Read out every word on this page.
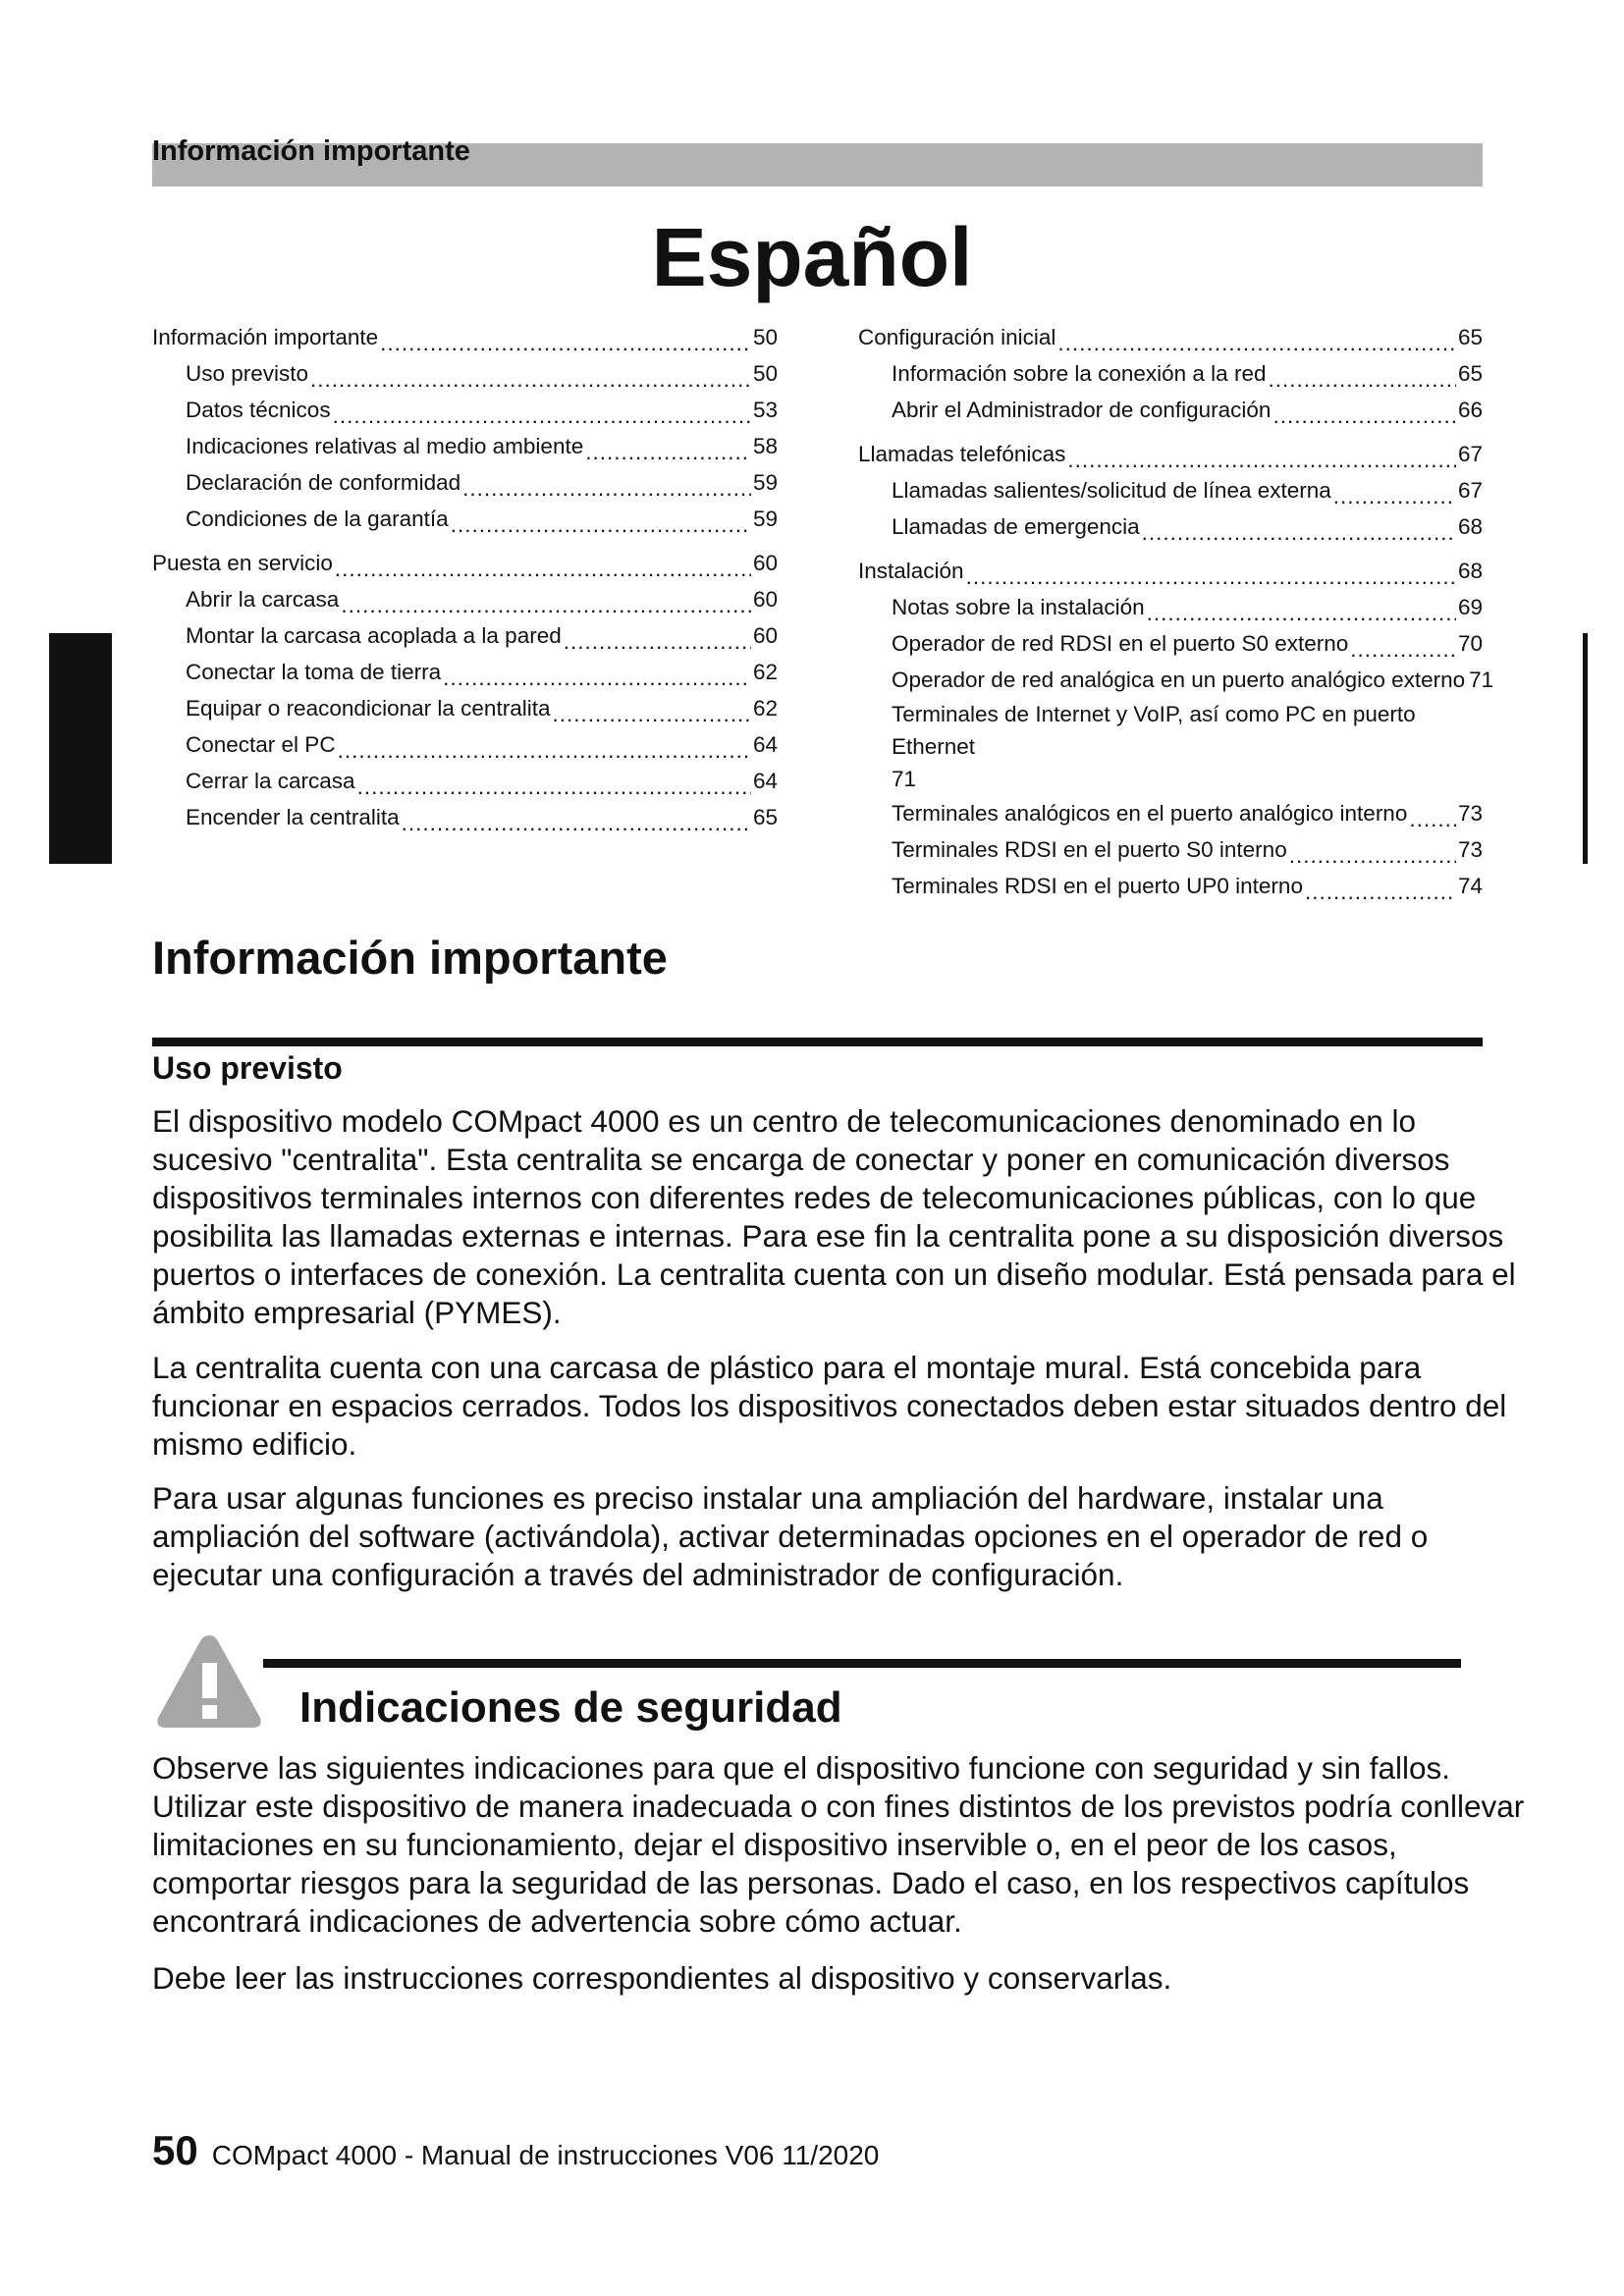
Información importante
Español
Información importante .....	50
Uso previsto .....	50
Datos técnicos .....	53
Indicaciones relativas al medio ambiente .....	58
Declaración de conformidad .....	59
Condiciones de la garantía .....	59
Puesta en servicio .....	60
Abrir la carcasa .....	60
Montar la carcasa acoplada a la pared .....	60
Conectar la toma de tierra .....	62
Equipar o reacondicionar la centralita .....	62
Conectar el PC .....	64
Cerrar la carcasa .....	64
Encender la centralita .....	65
Configuración inicial .....	65
Información sobre la conexión a la red .....	65
Abrir el Administrador de configuración .....	66
Llamadas telefónicas .....	67
Llamadas salientes/solicitud de línea externa .....	67
Llamadas de emergencia .....	68
Instalación .....	68
Notas sobre la instalación .....	69
Operador de red RDSI en el puerto S0 externo .....	70
Operador de red analógica en un puerto analógico externo 71
Terminales de Internet y VoIP, así como PC en puerto Ethernet
71
Terminales analógicos en el puerto analógico interno ..... 73
Terminales RDSI en el puerto S0 interno .....	73
Terminales RDSI en el puerto UP0 interno .....	74
Información importante
Uso previsto

El dispositivo modelo COMpact 4000 es un centro de telecomunicaciones denominado en lo sucesivo "centralita". Esta centralita se encarga de conectar y poner en comunicación diversos dispositivos terminales internos con diferentes redes de telecomunicaciones públicas, con lo que posibilita las llamadas externas e internas. Para ese fin la centralita pone a su disposición diversos puertos o interfaces de conexión. La centralita cuenta con un diseño modular. Está pensada para el ámbito empresarial (PYMES).

La centralita cuenta con una carcasa de plástico para el montaje mural. Está concebida para funcionar en espacios cerrados. Todos los dispositivos conectados deben estar situados dentro del mismo edificio.

Para usar algunas funciones es preciso instalar una ampliación del hardware, instalar una ampliación del software (activándola), activar determinadas opciones en el operador de red o ejecutar una configuración a través del administrador de configuración.

Indicaciones de seguridad

Observe las siguientes indicaciones para que el dispositivo funcione con seguridad y sin fallos. Utilizar este dispositivo de manera inadecuada o con fines distintos de los previstos podría conllevar limitaciones en su funcionamiento, dejar el dispositivo inservible o, en el peor de los casos, comportar riesgos para la seguridad de las personas. Dado el caso, en los respectivos capítulos encontrará indicaciones de advertencia sobre cómo actuar.

Debe leer las instrucciones correspondientes al dispositivo y conservarlas.

50 COMpact 4000 - Manual de instrucciones V06 11/2020
